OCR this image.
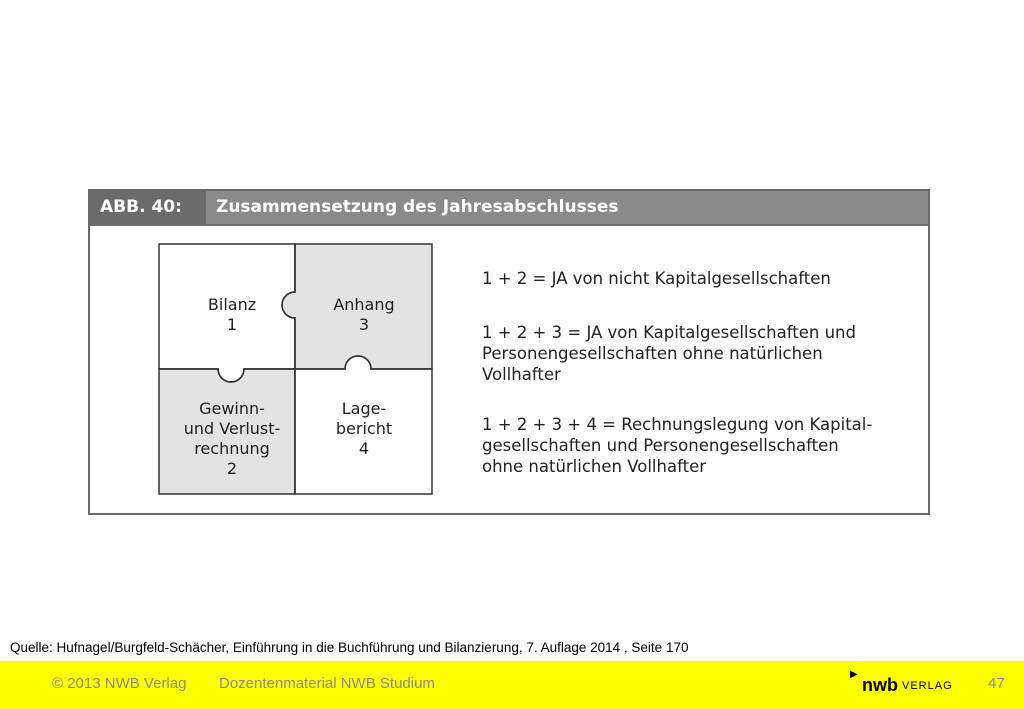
ABB. 40:	Zusammensetzung des Jahresabschlusses
Bilanz
1
Anhang
3
Gewinn-
und Verlust-
rechnung
2
Lage-
bericht
4
1 + 2 = JA von nicht Kapitalgesellschaften
1 + 2 + 3 = JA von Kapitalgesellschaften und
Personengesellschaften ohne natürlichen
Vollhafter
1 + 2 + 3 + 4 = Rechnungslegung von Kapital-
gesellschaften und Personengesellschaften
ohne natürlichen Vollhafter
Quelle: Hufnagel/Burgfeld-Schächer, Einführung in die Buchführung und Bilanzierung, 7. Auflage 2014 , Seite 170
© 2013 NWB Verlag Dozentenmaterial NWB Studium
▶
nwb VERLAG 47
